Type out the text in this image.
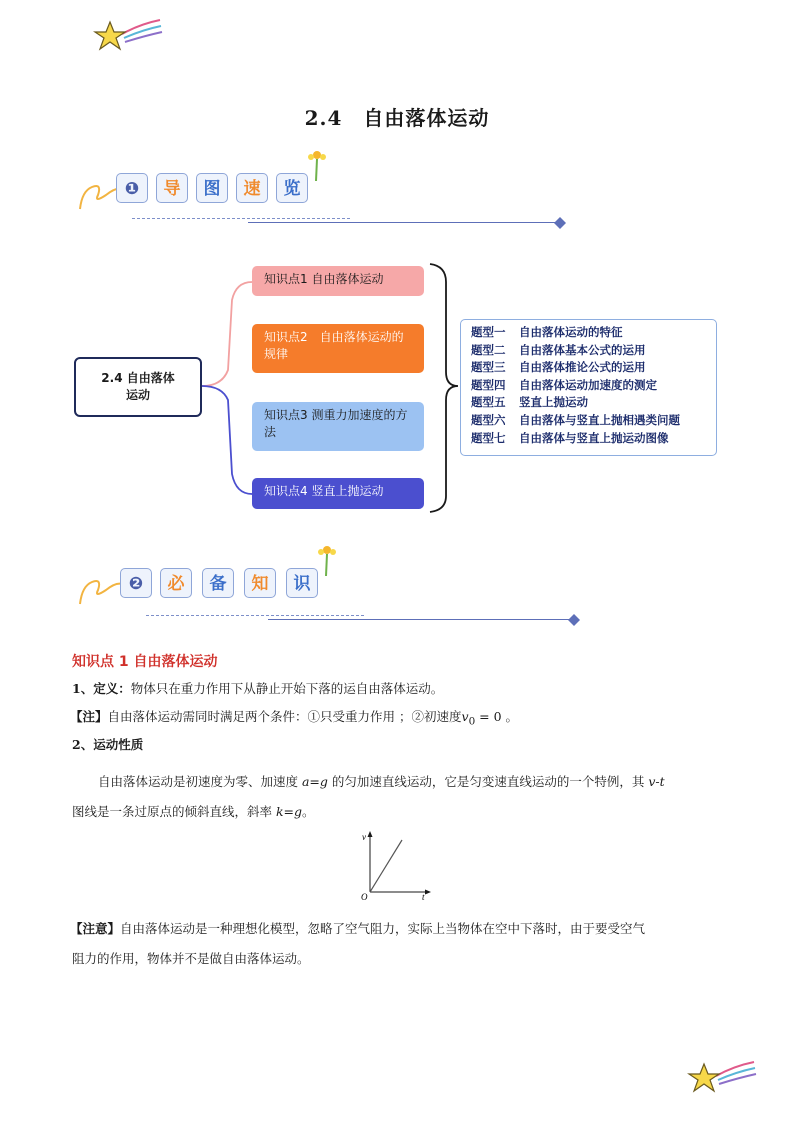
2.4　自由落体运动
❶	导	图	速	览
2.4 自由落体
运动
知识点1 自由落体运动
知识点2　自由落体运动的规律
知识点3 测重力加速度的方法
知识点4 竖直上抛运动
题型一 自由落体运动的特征
题型二 自由落体基本公式的运用
题型三 自由落体推论公式的运用
题型四 自由落体运动加速度的测定
题型五 竖直上抛运动
题型六 自由落体与竖直上抛相遇类问题
题型七 自由落体与竖直上抛运动图像
❷	必	备	知	识
知识点 1 自由落体运动
1、定义：物体只在重力作用下从静止开始下落的运自由落体运动。
【注】自由落体运动需同时满足两个条件：①只受重力作用 ；②初速度$v_0 = 0$ 。
2、运动性质
自由落体运动是初速度为零、加速度 a=g 的匀加速直线运动，它是匀变速直线运动的一个特例，其 v-t
图线是一条过原点的倾斜直线，斜率 k=g。
v
t
O
【注意】自由落体运动是一种理想化模型，忽略了空气阻力，实际上当物体在空中下落时，由于要受空气
阻力的作用，物体并不是做自由落体运动。
